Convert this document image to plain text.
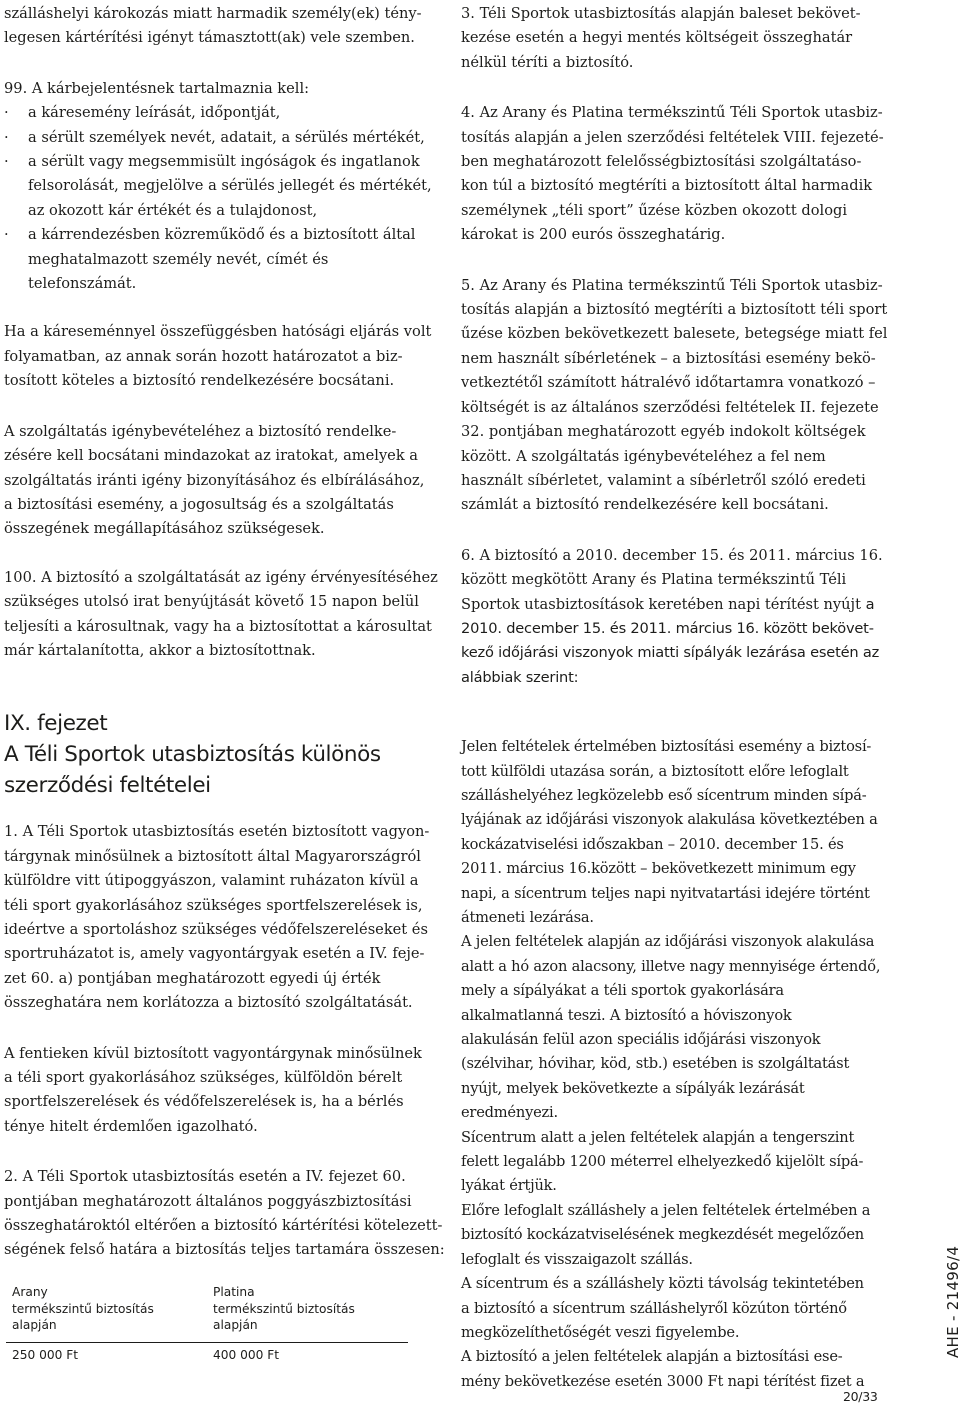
szálláshelyi károkozás miatt harmadik személy(ek) tény-
legesen kártérítési igényt támasztott(ak) vele szemben.
99. A kárbejelentésnek tartalmaznia kell:
·a káresemény leírását, időpontját,
·a sérült személyek nevét, adatait, a sérülés mértékét,
·a sérült vagy megsemmisült ingóságok és ingatlanok
felsorolását, megjelölve a sérülés jellegét és mértékét,
az okozott kár értékét és a tulajdonost,
·a kárrendezésben közreműködő és a biztosított által
meghatalmazott személy nevét, címét és
telefonszámát.
Ha a káreseménnyel összefüggésben hatósági eljárás volt
folyamatban, az annak során hozott határozatot a biz-
tosított köteles a biztosító rendelkezésére bocsátani.
A szolgáltatás igénybevételéhez a biztosító rendelke-
zésére kell bocsátani mindazokat az iratokat, amelyek a
szolgáltatás iránti igény bizonyításához és elbírálásához,
a biztosítási esemény, a jogosultság és a szolgáltatás
összegének megállapításához szükségesek.
100. A biztosító a szolgáltatását az igény érvényesítéséhez
szükséges utolsó irat benyújtását követő 15 napon belül
teljesíti a károsultnak, vagy ha a biztosítottat a károsultat
már kártalanította, akkor a biztosítottnak.
IX. fejezet
A Téli Sportok utasbiztosítás különös
szerződési feltételei
1. A Téli Sportok utasbiztosítás esetén biztosított vagyon-
tárgynak minősülnek a biztosított által Magyarországról
külföldre vitt útipoggyászon, valamint ruházaton kívül a
téli sport gyakorlásához szükséges sportfelszerelések is,
ideértve a sportoláshoz szükséges védőfelszereléseket és
sportruházatot is, amely vagyontárgyak esetén a IV. feje-
zet 60. a) pontjában meghatározott egyedi új érték
összeghatára nem korlátozza a biztosító szolgáltatását.
A fentieken kívül biztosított vagyontárgynak minősülnek
a téli sport gyakorlásához szükséges, külföldön bérelt
sportfelszerelések és védőfelszerelések is, ha a bérlés
ténye hitelt érdemlően igazolható.
2. A Téli Sportok utasbiztosítás esetén a IV. fejezet 60.
pontjában meghatározott általános poggyászbiztosítási
összeghatároktól eltérően a biztosító kártérítési kötelezett-
ségének felső határa a biztosítás teljes tartamára összesen:
Arany
termékszintű biztosítás alapján	Platina
termékszintű biztosítás alapján

250 000 Ft	400 000 Ft
3. Téli Sportok utasbiztosítás alapján baleset bekövet-
kezése esetén a hegyi mentés költségeit összeghatár
nélkül téríti a biztosító.
4. Az Arany és Platina termékszintű Téli Sportok utasbiz-
tosítás alapján a jelen szerződési feltételek VIII. fejezeté-
ben meghatározott felelősségbiztosítási szolgáltatáso-
kon túl a biztosító megtéríti a biztosított által harmadik
személynek „téli sport” űzése közben okozott dologi
károkat is 200 eurós összeghatárig.
5. Az Arany és Platina termékszintű Téli Sportok utasbiz-
tosítás alapján a biztosító megtéríti a biztosított téli sport
űzése közben bekövetkezett balesete, betegsége miatt fel
nem használt síbérletének – a biztosítási esemény bekö-
vetkeztétől számított hátralévő időtartamra vonatkozó –
költségét is az általános szerződési feltételek II. fejezete
32. pontjában meghatározott egyéb indokolt költségek
között. A szolgáltatás igénybevételéhez a fel nem
használt síbérletet, valamint a síbérletről szóló eredeti
számlát a biztosító rendelkezésére kell bocsátani.
6. A biztosító a 2010. december 15. és 2011. március 16.
között megkötött Arany és Platina termékszintű Téli
Sportok utasbiztosítások keretében napi térítést nyújt a
2010. december 15. és 2011. március 16. között bekövet-
kező időjárási viszonyok miatti sípályák lezárása esetén az
alábbiak szerint:
Jelen feltételek értelmében biztosítási esemény a biztosí-
tott külföldi utazása során, a biztosított előre lefoglalt
szálláshelyéhez legközelebb eső sícentrum minden sípá-
lyájának az időjárási viszonyok alakulása következtében a
kockázatviselési időszakban – 2010. december 15. és
2011. március 16.között – bekövetkezett minimum egy
napi, a sícentrum teljes napi nyitvatartási idejére történt
átmeneti lezárása.
A jelen feltételek alapján az időjárási viszonyok alakulása
alatt a hó azon alacsony, illetve nagy mennyisége értendő,
mely a sípályákat a téli sportok gyakorlására
alkalmatlanná teszi. A biztosító a hóviszonyok
alakulásán felül azon speciális időjárási viszonyok
(szélvihar, hóvihar, köd, stb.) esetében is szolgáltatást
nyújt, melyek bekövetkezte a sípályák lezárását
eredményezi.
Sícentrum alatt a jelen feltételek alapján a tengerszint
felett legalább 1200 méterrel elhelyezkedő kijelölt sípá-
lyákat értjük.
Előre lefoglalt szálláshely a jelen feltételek értelmében a
biztosító kockázatviselésének megkezdését megelőzően
lefoglalt és visszaigazolt szállás.
A sícentrum és a szálláshely közti távolság tekintetében
a biztosító a sícentrum szálláshelyről közúton történő
megközelíthetőségét veszi figyelembe.
A biztosító a jelen feltételek alapján a biztosítási ese-
mény bekövetkezése esetén 3000 Ft napi térítést fizet a
AHE - 21496/4
20/33
